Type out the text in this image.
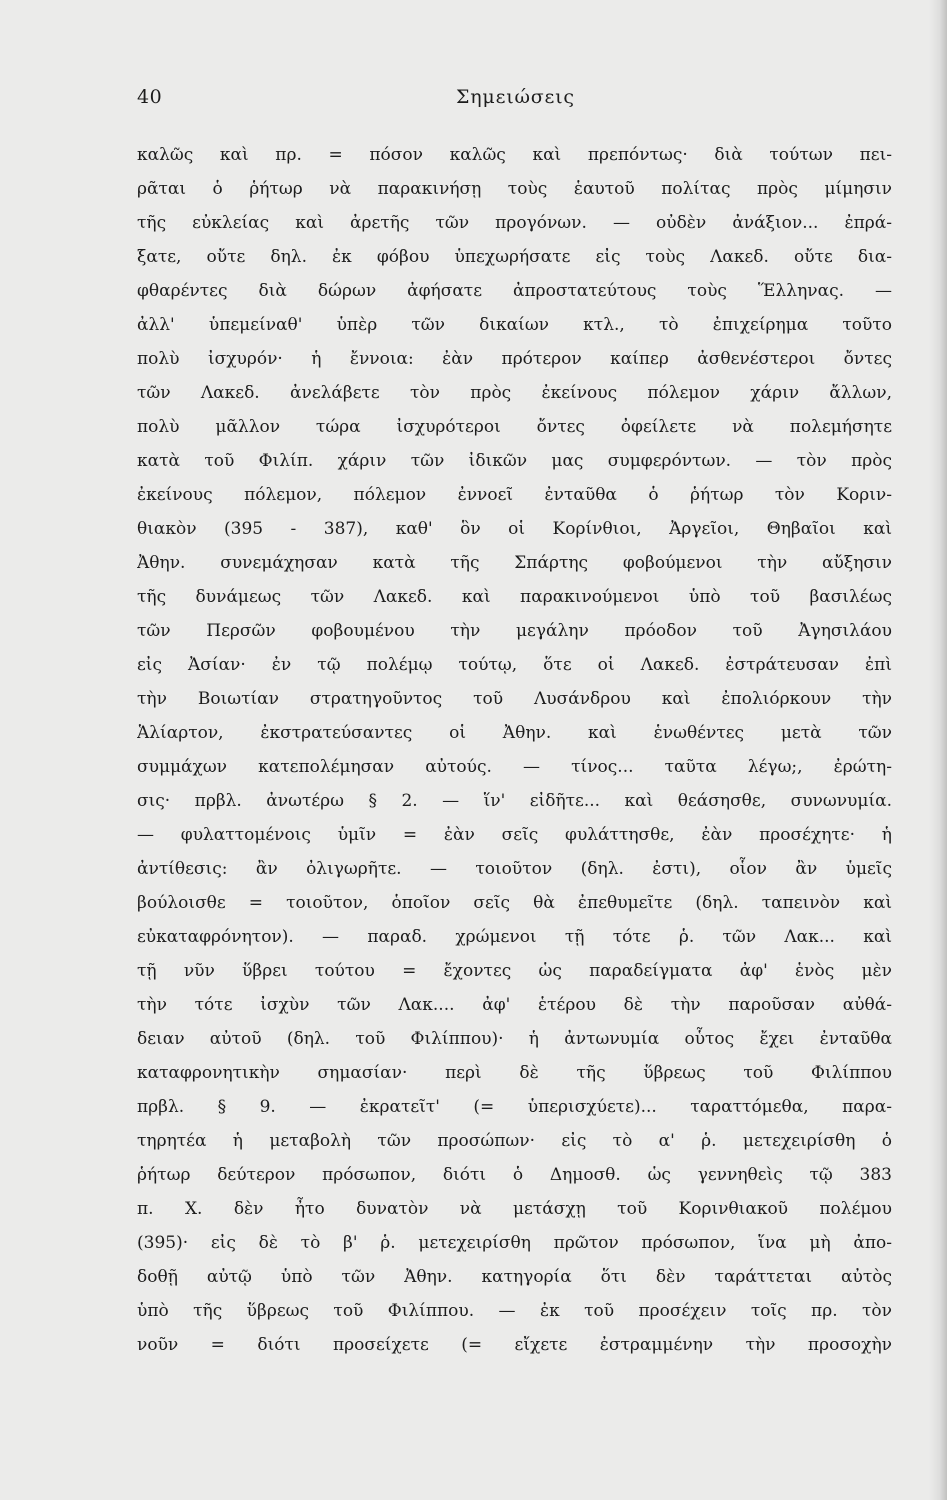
40	Σημειώσεις
καλῶς καὶ πρ. = πόσον καλῶς καὶ πρεπόντως· διὰ τούτων πει-
ρᾶται ὁ ῥήτωρ νὰ παρακινήσῃ τοὺς ἑαυτοῦ πολίτας πρὸς μίμησιν
τῆς εὐκλείας καὶ ἀρετῆς τῶν προγόνων. — οὐδὲν ἀνάξιον... ἐπρά-
ξατε, οὔτε δηλ. ἐκ φόβου ὑπεχωρήσατε εἰς τοὺς Λακεδ. οὔτε δια-
φθαρέντες διὰ δώρων ἀφήσατε ἀπροστατεύτους τοὺς Ἕλληνας. —
ἀλλ' ὑπεμείναθ' ὑπὲρ τῶν δικαίων κτλ., τὸ ἐπιχείρημα τοῦτο
πολὺ ἰσχυρόν· ἡ ἔννοια: ἐὰν πρότερον καίπερ ἀσθενέστεροι ὄντες
τῶν Λακεδ. ἀνελάβετε τὸν πρὸς ἐκείνους πόλεμον χάριν ἄλλων,
πολὺ μᾶλλον τώρα ἰσχυρότεροι ὄντες ὀφείλετε νὰ πολεμήσητε
κατὰ τοῦ Φιλίπ. χάριν τῶν ἰδικῶν μας συμφερόντων. — τὸν πρὸς
ἐκείνους πόλεμον, πόλεμον ἐννοεῖ ἐνταῦθα ὁ ῥήτωρ τὸν Κοριν-
θιακὸν (395 - 387), καθ' ὃν οἱ Κορίνθιοι, Ἀργεῖοι, Θηβαῖοι καὶ
Ἀθην. συνεμάχησαν κατὰ τῆς Σπάρτης φοβούμενοι τὴν αὔξησιν
τῆς δυνάμεως τῶν Λακεδ. καὶ παρακινούμενοι ὑπὸ τοῦ βασιλέως
τῶν Περσῶν φοβουμένου τὴν μεγάλην πρόοδον τοῦ Ἀγησιλάου
εἰς Ἀσίαν· ἐν τῷ πολέμῳ τούτῳ, ὅτε οἱ Λακεδ. ἐστράτευσαν ἐπὶ
τὴν Βοιωτίαν στρατηγοῦντος τοῦ Λυσάνδρου καὶ ἐπολιόρκουν τὴν
Ἁλίαρτον, ἐκστρατεύσαντες οἱ Ἀθην. καὶ ἑνωθέντες μετὰ τῶν
συμμάχων κατεπολέμησαν αὐτούς. — τίνος... ταῦτα λέγω;, ἐρώτη-
σις· πρβλ. ἀνωτέρω § 2. — ἵν' εἰδῆτε... καὶ θεάσησθε, συνωνυμία.
— φυλαττομένοις ὑμῖν = ἐὰν σεῖς φυλάττησθε, ἐὰν προσέχητε· ἡ
ἀντίθεσις: ἂν ὀλιγωρῆτε. — τοιοῦτον (δηλ. ἐστι), οἷον ἂν ὑμεῖς
βούλοισθε = τοιοῦτον, ὁποῖον σεῖς θὰ ἐπεθυμεῖτε (δηλ. ταπεινὸν καὶ
εὐκαταφρόνητον). — παραδ. χρώμενοι τῇ τότε ῥ. τῶν Λακ... καὶ
τῇ νῦν ὕβρει τούτου = ἔχοντες ὡς παραδείγματα ἀφ' ἑνὸς μὲν
τὴν τότε ἰσχὺν τῶν Λακ.... ἀφ' ἑτέρου δὲ τὴν παροῦσαν αὐθά-
δειαν αὐτοῦ (δηλ. τοῦ Φιλίππου)· ἡ ἀντωνυμία οὗτος ἔχει ἐνταῦθα
καταφρονητικὴν σημασίαν· περὶ δὲ τῆς ὕβρεως τοῦ Φιλίππου
πρβλ. § 9. — ἐκρατεῖτ' (= ὑπερισχύετε)... ταραττόμεθα, παρα-
τηρητέα ἡ μεταβολὴ τῶν προσώπων· εἰς τὸ α' ῥ. μετεχειρίσθη ὁ
ῥήτωρ δεύτερον πρόσωπον, διότι ὁ Δημοσθ. ὡς γεννηθεὶς τῷ 383
π. Χ. δὲν ἦτο δυνατὸν νὰ μετάσχῃ τοῦ Κορινθιακοῦ πολέμου
(395)· εἰς δὲ τὸ β' ῥ. μετεχειρίσθη πρῶτον πρόσωπον, ἵνα μὴ ἀπο-
δοθῇ αὐτῷ ὑπὸ τῶν Ἀθην. κατηγορία ὅτι δὲν ταράττεται αὐτὸς
ὑπὸ τῆς ὕβρεως τοῦ Φιλίππου. — ἐκ τοῦ προσέχειν τοῖς πρ. τὸν
νοῦν = διότι προσείχετε (= εἴχετε ἐστραμμένην τὴν προσοχὴν
